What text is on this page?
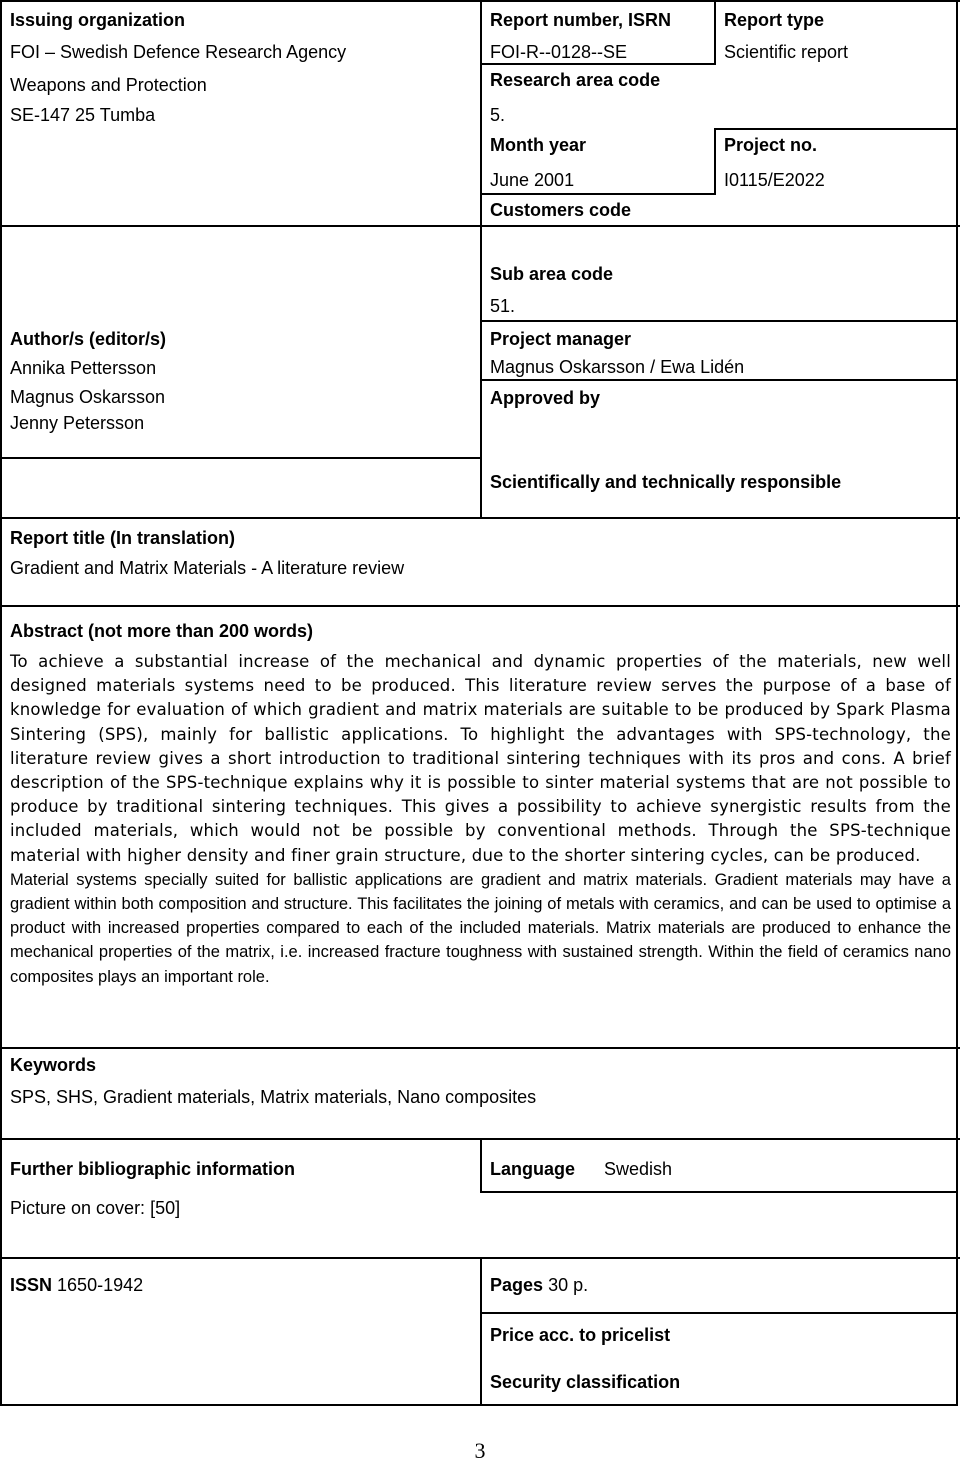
Issuing organization
FOI – Swedish Defence Research Agency
Weapons and Protection
SE-147 25 Tumba
Report number, ISRN
FOI-R--0128--SE
Research area code
5.
Month year
June 2001
Customers code
Report type
Scientific report
Project no.
I0115/E2022
Sub area code
51.
Author/s (editor/s)
Annika Pettersson
Magnus Oskarsson
Jenny Petersson
Project manager
Magnus Oskarsson / Ewa Lidén
Approved by
Scientifically and technically responsible
Report title (In translation)
Gradient and Matrix Materials - A literature review
Abstract (not more than 200 words)

To achieve a substantial increase of the mechanical and dynamic properties of the materials, new well designed materials systems need to be produced. This literature review serves the purpose of a base of knowledge for evaluation of which gradient and matrix materials are suitable to be produced by Spark Plasma Sintering (SPS), mainly for ballistic applications. To highlight the advantages with SPS-technology, the literature review gives a short introduction to traditional sintering techniques with its pros and cons. A brief description of the SPS-technique explains why it is possible to sinter material systems that are not possible to produce by traditional sintering techniques. This gives a possibility to achieve synergistic results from the included materials, which would not be possible by conventional methods. Through the SPS-technique material with higher density and finer grain structure, due to the shorter sintering cycles, can be produced.

Material systems specially suited for ballistic applications are gradient and matrix materials. Gradient materials may have a gradient within both composition and structure. This facilitates the joining of metals with ceramics, and can be used to optimise a product with increased properties compared to each of the included materials. Matrix materials are produced to enhance the mechanical properties of the matrix, i.e. increased fracture toughness with sustained strength. Within the field of ceramics nano composites plays an important role.

Keywords
SPS, SHS, Gradient materials, Matrix materials, Nano composites
Further bibliographic information
Picture on cover: [50]
Language Swedish
ISSN 1650-1942	Pages 30 p.
Price acc. to pricelist
Security classification
3
